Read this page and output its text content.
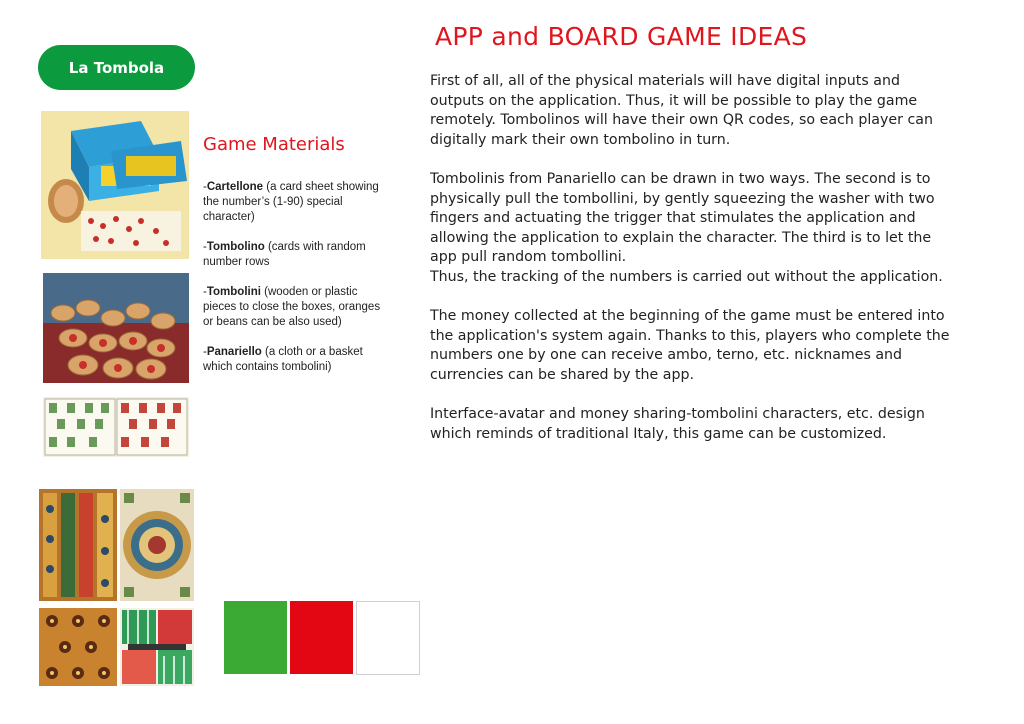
La Tombola
Game Materials
-Cartellone (a card sheet showing the number’s (1-90) special character)
-Tombolino (cards with random number rows
-Tombolini (wooden or plastic pieces to close the boxes, oranges or beans can be also used)
-Panariello (a cloth or a basket which contains tombolini)
APP and BOARD GAME IDEAS

First of all, all of the physical materials will have digital inputs and outputs on the application. Thus, it will be possible to play the game remotely. Tombolinos will have their own QR codes, so each player can digitally mark their own tombolino in turn.

Tombolinis from Panariello can be drawn in two ways. The second is to physically pull the tombollini, by gently squeezing the washer with two fingers and actuating the trigger that stimulates the application and allowing the application to explain the character. The third is to let the app pull random tombollini.
Thus, the tracking of the numbers is carried out without the application.

The money collected at the beginning of the game must be entered into the application's system again. Thanks to this, players who complete the numbers one by one can receive ambo, terno, etc. nicknames and currencies can be shared by the app.

Interface-avatar and money sharing-tombolini characters, etc. design which reminds of traditional Italy, this game can be customized.
